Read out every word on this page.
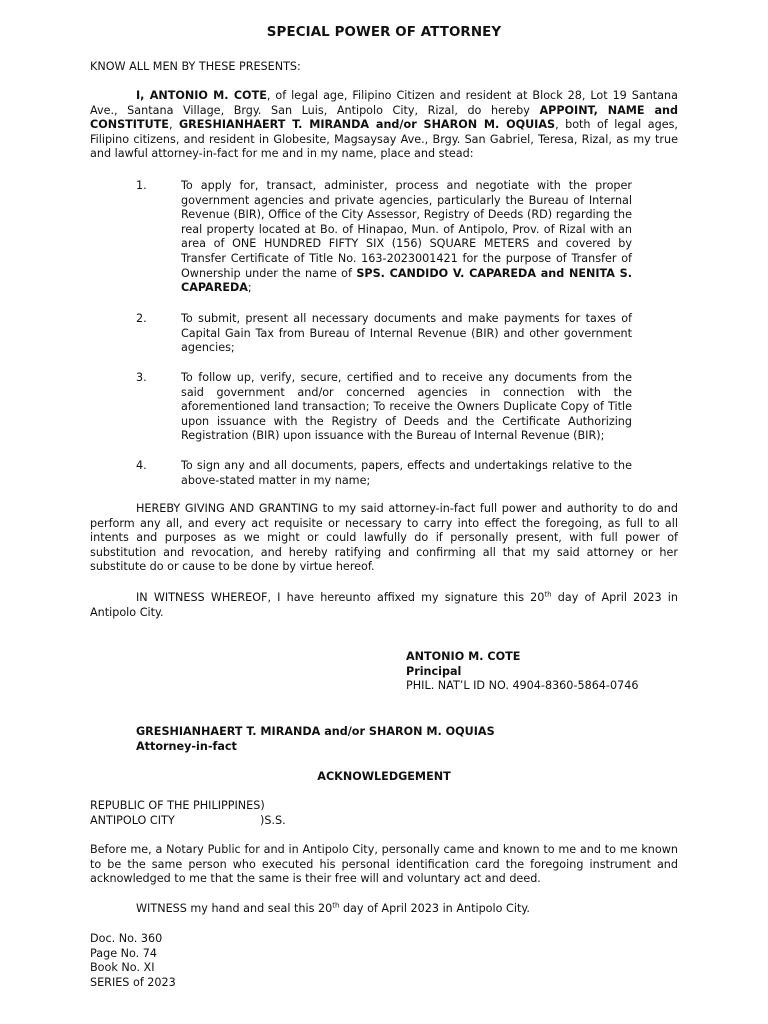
SPECIAL POWER OF ATTORNEY
KNOW ALL MEN BY THESE PRESENTS:
I, ANTONIO M. COTE, of legal age, Filipino Citizen and resident at Block 28, Lot 19 Santana Ave., Santana Village, Brgy. San Luis, Antipolo City, Rizal, do hereby APPOINT, NAME and CONSTITUTE, GRESHIANHAERT T. MIRANDA and/or SHARON M. OQUIAS, both of legal ages, Filipino citizens, and resident in Globesite, Magsaysay Ave., Brgy. San Gabriel, Teresa, Rizal, as my true and lawful attorney-in-fact for me and in my name, place and stead:
1.	To apply for, transact, administer, process and negotiate with the proper government agencies and private agencies, particularly the Bureau of Internal Revenue (BIR), Office of the City Assessor, Registry of Deeds (RD) regarding the real property located at Bo. of Hinapao, Mun. of Antipolo, Prov. of Rizal with an area of ONE HUNDRED FIFTY SIX (156) SQUARE METERS and covered by Transfer Certificate of Title No. 163-2023001421 for the purpose of Transfer of Ownership under the name of SPS. CANDIDO V. CAPAREDA and NENITA S. CAPAREDA;
2.	To submit, present all necessary documents and make payments for taxes of Capital Gain Tax from Bureau of Internal Revenue (BIR) and other government agencies;
3.	To follow up, verify, secure, certified and to receive any documents from the said government and/or concerned agencies in connection with the aforementioned land transaction; To receive the Owners Duplicate Copy of Title upon issuance with the Registry of Deeds and the Certificate Authorizing Registration (BIR) upon issuance with the Bureau of Internal Revenue (BIR);
4.	To sign any and all documents, papers, effects and undertakings relative to the above-stated matter in my name;
HEREBY GIVING AND GRANTING to my said attorney-in-fact full power and authority to do and perform any all, and every act requisite or necessary to carry into effect the foregoing, as full to all intents and purposes as we might or could lawfully do if personally present, with full power of substitution and revocation, and hereby ratifying and confirming all that my said attorney or her substitute do or cause to be done by virtue hereof.
IN WITNESS WHEREOF, I have hereunto affixed my signature this 20th day of April 2023 in Antipolo City.
ANTONIO M. COTE
Principal
PHIL. NAT’L ID NO. 4904-8360-5864-0746
GRESHIANHAERT T. MIRANDA and/or SHARON M. OQUIAS
Attorney-in-fact
ACKNOWLEDGEMENT
REPUBLIC OF THE PHILIPPINES)
ANTIPOLO CITY	)S.S.
Before me, a Notary Public for and in Antipolo City, personally came and known to me and to me known to be the same person who executed his personal identification card the foregoing instrument and acknowledged to me that the same is their free will and voluntary act and deed.
WITNESS my hand and seal this 20th day of April 2023 in Antipolo City.
Doc. No. 360
Page No. 74
Book No. XI
SERIES of 2023
